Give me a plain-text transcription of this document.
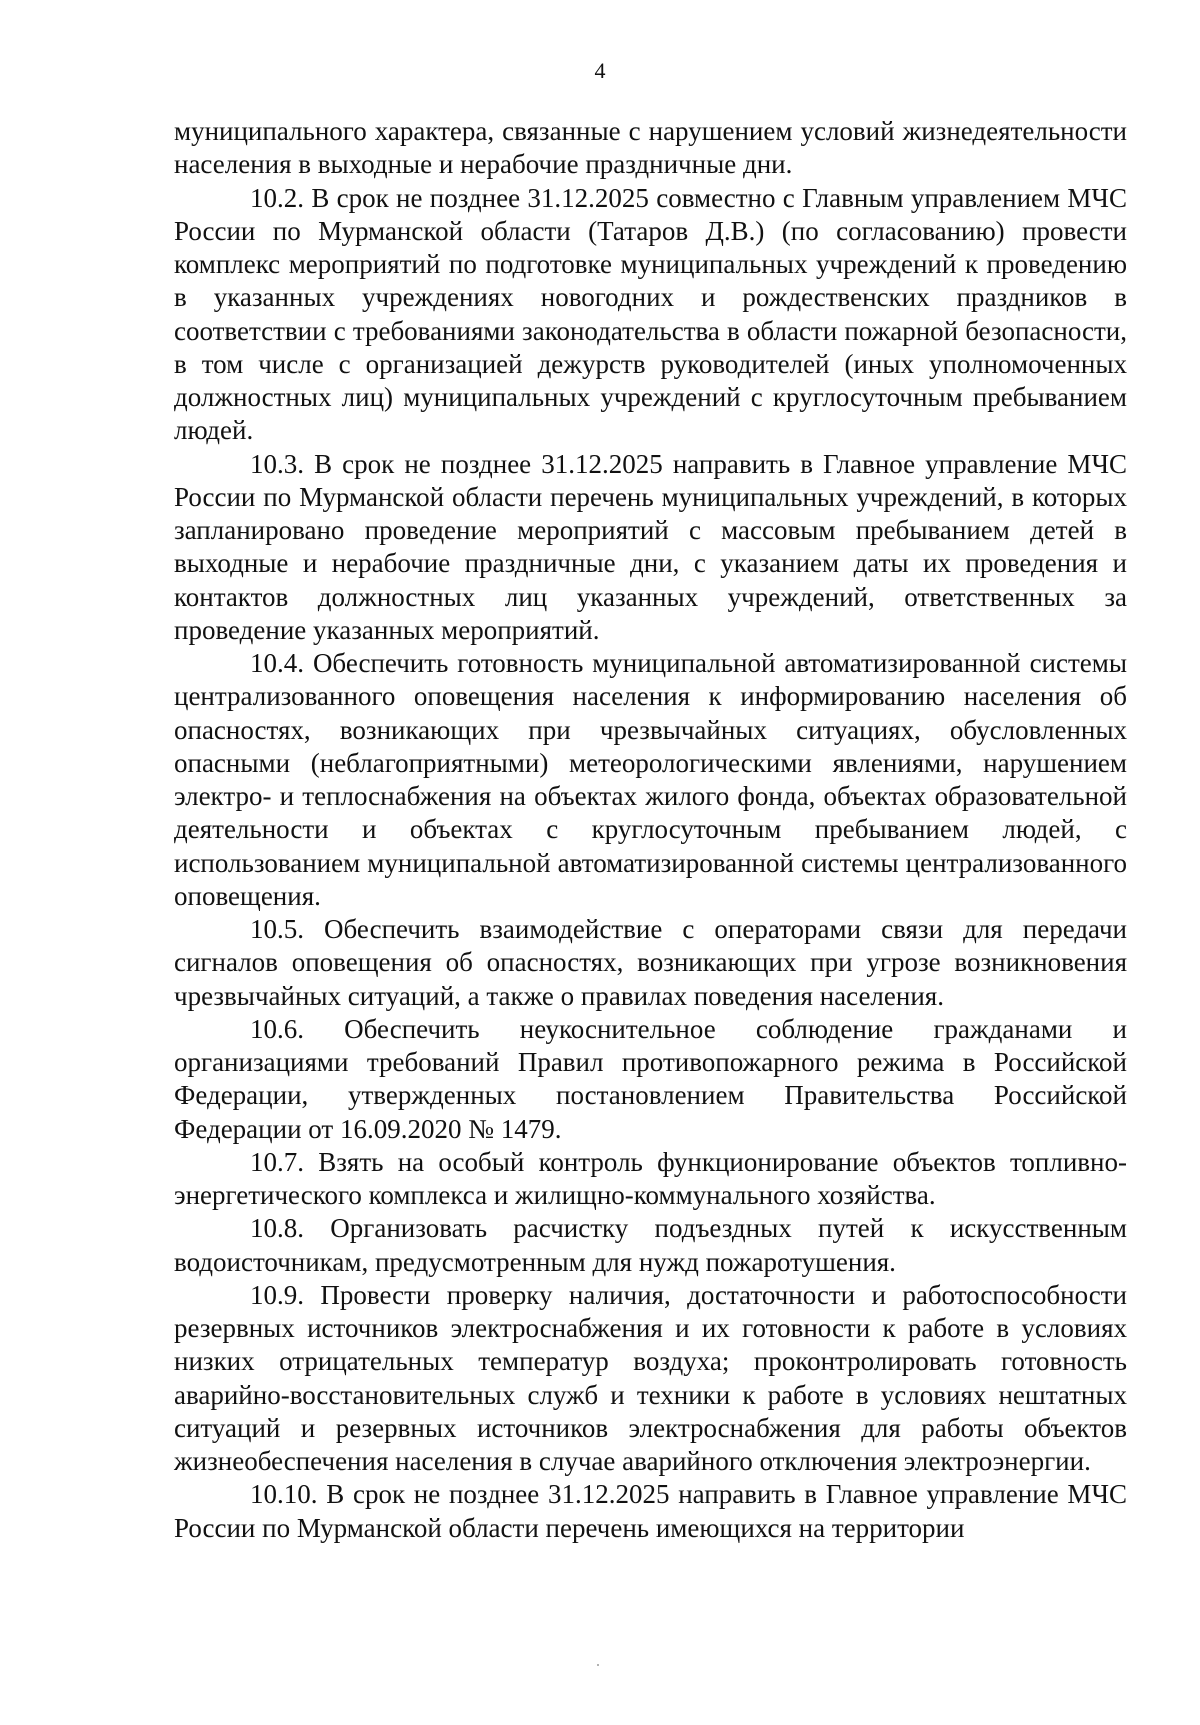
4

муниципального характера, связанные с нарушением условий жизнедеятельности населения в выходные и нерабочие праздничные дни.

10.2. В срок не позднее 31.12.2025 совместно с Главным управлением МЧС России по Мурманской области (Татаров Д.В.) (по согласованию) провести комплекс мероприятий по подготовке муниципальных учреждений к проведению в указанных учреждениях новогодних и рождественских праздников в соответствии с требованиями законодательства в области пожарной безопасности, в том числе с организацией дежурств руководителей (иных уполномоченных должностных лиц) муниципальных учреждений с круглосуточным пребыванием людей.

10.3. В срок не позднее 31.12.2025 направить в Главное управление МЧС России по Мурманской области перечень муниципальных учреждений, в которых запланировано проведение мероприятий с массовым пребыванием детей в выходные и нерабочие праздничные дни, с указанием даты их проведения и контактов должностных лиц указанных учреждений, ответственных за проведение указанных мероприятий.

10.4. Обеспечить готовность муниципальной автоматизированной системы централизованного оповещения населения к информированию населения об опасностях, возникающих при чрезвычайных ситуациях, обусловленных опасными (неблагоприятными) метеорологическими явлениями, нарушением электро- и теплоснабжения на объектах жилого фонда, объектах образовательной деятельности и объектах с круглосуточным пребыванием людей, с использованием муниципальной автоматизированной системы централизованного оповещения.

10.5. Обеспечить взаимодействие с операторами связи для передачи сигналов оповещения об опасностях, возникающих при угрозе возникновения чрезвычайных ситуаций, а также о правилах поведения населения.

10.6. Обеспечить неукоснительное соблюдение гражданами и организациями требований Правил противопожарного режима в Российской Федерации, утвержденных постановлением Правительства Российской Федерации от 16.09.2020 № 1479.

10.7. Взять на особый контроль функционирование объектов топливно-энергетического комплекса и жилищно-коммунального хозяйства.

10.8. Организовать расчистку подъездных путей к искусственным водоисточникам, предусмотренным для нужд пожаротушения.

10.9. Провести проверку наличия, достаточности и работоспособности резервных источников электроснабжения и их готовности к работе в условиях низких отрицательных температур воздуха; проконтролировать готовность аварийно-восстановительных служб и техники к работе в условиях нештатных ситуаций и резервных источников электроснабжения для работы объектов жизнеобеспечения населения в случае аварийного отключения электроэнергии.

10.10. В срок не позднее 31.12.2025 направить в Главное управление МЧС России по Мурманской области перечень имеющихся на территории
